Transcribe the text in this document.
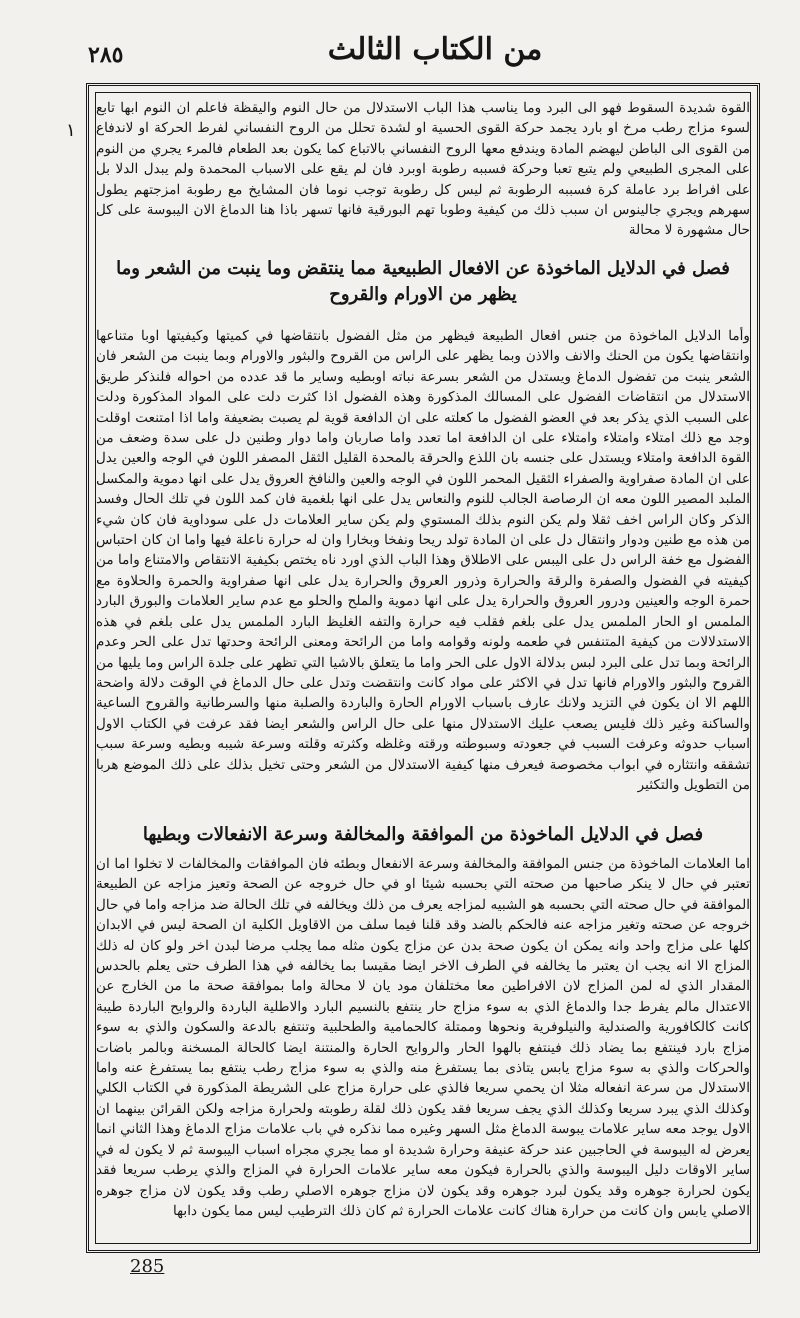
٢٨٥	من الكتاب الثالث
١

القوة شديدة السقوط فهو الى البرد وما يناسب هذا الباب الاستدلال من حال النوم واليقظة فاعلم ان النوم ابها تابع لسوء مزاج رطب مرخ او بارد يجمد حركة القوى الحسية او لشدة تحلل من الروح النفساني لفرط الحركة او لاندفاع من القوى الى الباطن ليهضم المادة ويندفع معها الروح النفساني بالاتباع كما يكون بعد الطعام فالمرء يجري من النوم على المجرى الطبيعي ولم يتبع تعبا وحركة فسببه رطوبة اوبرد فان لم يقع على الاسباب المحمدة ولم يبدل الدلا بل على افراط برد عاملة كرة فسببه الرطوبة ثم ليس كل رطوبة توجب نوما فان المشايخ مع رطوبة امزجتهم يطول سهرهم ويجري جالينوس ان سبب ذلك من كيفية وطوبا تهم البورقية فانها تسهر باذا هنا الدماغ الان اليبوسة على كل حال مشهورة لا محالة

فصل في الدلايل الماخوذة عن الافعال الطبيعية مما ينتقض وما ينبت من الشعر وما يظهر من الاورام والقروح

وأما الدلايل الماخوذة من جنس افعال الطبيعة فيظهر من مثل الفضول بانتقاضها في كميتها وكيفيتها اوبا متناعها وانتقاضها يكون من الحنك والانف والاذن وبما يظهر على الراس من القروح والبثور والاورام وبما ينبت من الشعر فان الشعر ينبت من تفضول الدماغ ويستدل من الشعر بسرعة نباته اوبطيه وساير ما قد عدده من احواله فلنذكر طريق الاستدلال من انتقاضات الفضول على المسالك المذكورة وهذه الفضول اذا كثرت دلت على المواد المذكورة ودلت على السبب الذي يذكر بعد في العضو الفضول ما كعلته على ان الدافعة قوية لم يصبت بضعيفة واما اذا امتنعت اوقلت وجد مع ذلك امتلاء وامتلاء وامتلاء على ان الدافعة اما تعدد واما صاربان واما دوار وطنين دل على سدة وضعف من القوة الدافعة وامتلاء ويستدل على جنسه بان اللذع والحرقة بالمحدة القليل الثقل المصفر اللون في الوجه والعين يدل على ان المادة صفراوية والصفراء الثقيل المحمر اللون في الوجه والعين والنافخ العروق يدل على انها دموية والمكسل الملبد المصير اللون معه ان الرصاصة الجالب للنوم والنعاس يدل على انها بلغمية فان كمد اللون في تلك الحال وفسد الذكر وكان الراس اخف ثقلا ولم يكن النوم بذلك المستوي ولم يكن ساير العلامات دل على سوداوية فان كان شيء من هذه مع طنين ودوار وانتقال دل على ان المادة تولد ريحا ونفخا وبخارا وان له حرارة ناعلة فيها واما ان كان احتباس الفضول مع خفة الراس دل على اليبس على الاطلاق وهذا الباب الذي اورد ناه يختص بكيفية الانتقاص والامتناع واما من كيفيته في الفضول والصفرة والرقة والحرارة وذرور العروق والحرارة يدل على انها صفراوية والحمرة والحلاوة مع حمرة الوجه والعينين ودرور العروق والحرارة يدل على انها دموية والملح والحلو مع عدم ساير العلامات والبورق البارد الملمس او الحار الملمس يدل على بلغم فقلب فيه حرارة والتفه الغليظ البارد الملمس يدل على بلغم في هذه الاستدلالات من كيفية المتنفس في طعمه ولونه وقوامه واما من الرائحة ومعنى الرائحة وحدتها تدل على الحر وعدم الرائحة وبما تدل على البرد لبس بدلالة الاول على الحر واما ما يتعلق بالاشيا التي تظهر على جلدة الراس وما يليها من القروح والبثور والاورام فانها تدل في الاكثر على مواد كانت وانتقضت وتدل على حال الدماغ في الوقت دلالة واضحة اللهم الا ان يكون في التزيد ولانك عارف باسباب الاورام الحارة والباردة والصلبة منها والسرطانية والقروح الساعية والساكنة وغير ذلك فليس يصعب عليك الاستدلال منها على حال الراس والشعر ايضا فقد عرفت في الكتاب الاول اسباب حدوثه وعرفت السبب في جعودته وسبوطته ورقته وغلظه وكثرته وقلته وسرعة شيبه وبطيه وسرعة سبب تشققه وانتثاره في ابواب مخصوصة فيعرف منها كيفية الاستدلال من الشعر وحتى تخيل بذلك على ذلك الموضع هربا من التطويل والتكثير

فصل في الدلايل الماخوذة من الموافقة والمخالفة وسرعة الانفعالات وبطيها

اما العلامات الماخوذة من جنس الموافقة والمخالفة وسرعة الانفعال وبطئه فان الموافقات والمخالفات لا تخلوا اما ان تعتبر في حال لا ينكر صاحبها من صحته التي بحسبه شيئا او في حال خروجه عن الصحة وتعيز مزاجه عن الطبيعة الموافقة في حال صحته التي بحسبه هو الشبيه لمزاجه يعرف من ذلك ويخالفه في تلك الحالة ضد مزاجه واما في حال خروجه عن صحته وتغير مزاجه عنه فالحكم بالضد وقد قلنا فيما سلف من الاقاويل الكلية ان الصحة ليس في الابدان كلها على مزاج واحد وانه يمكن ان يكون صحة بدن عن مزاج يكون مثله مما يجلب مرضا لبدن اخر ولو كان له ذلك المزاج الا انه يجب ان يعتبر ما يخالفه في الطرف الاخر ايضا مقيسا بما يخالفه في هذا الطرف حتى يعلم بالحدس المقدار الذي له لمن المزاج لان الافراطين معا مختلفان مود يان لا محالة واما بموافقة صحة ما من الخارج عن الاعتدال مالم يفرط جدا والدماغ الذي به سوء مزاج حار ينتفع بالنسيم البارد والاطلية الباردة والروايح الباردة طيبة كانت كالكافورية والصندلية والنيلوفرية ونحوها وممتلة كالحمامية والطحلبية وتنتفع بالدعة والسكون والذي به سوء مزاج بارد فينتفع بما يضاد ذلك فينتفع بالهوا الحار والروايح الحارة والمنتنة ايضا كالحالة المسخنة وبالمر باضات والحركات والذي به سوء مزاج يابس يتاذى بما يستفرغ منه والذي به سوء مزاج رطب ينتفع بما يستفرغ عنه واما الاستدلال من سرعة انفعاله مثلا ان يحمي سريعا فالذي على حرارة مزاج على الشريطة المذكورة في الكتاب الكلي وكذلك الذي يبرد سريعا وكذلك الذي يجف سريعا فقد يكون ذلك لقلة رطوبته ولحرارة مزاجه ولكن القرائن بينهما ان الاول يوجد معه ساير علامات يبوسة الدماغ مثل السهر وغيره مما نذكره في باب علامات مزاج الدماغ وهذا الثاني انما يعرض له اليبوسة في الحاجبين عند حركة عنيفة وحرارة شديدة او مما يجري مجراه اسباب اليبوسة ثم لا يكون له في ساير الاوقات دليل اليبوسة والذي بالحرارة فيكون معه ساير علامات الحرارة في المزاج والذي يرطب سريعا فقد يكون لحرارة جوهره وقد يكون لبرد جوهره وقد يكون لان مزاج جوهره الاصلي رطب وقد يكون لان مزاج جوهره الاصلي يابس وان كانت من حرارة هناك كانت علامات الحرارة ثم كان ذلك الترطيب ليس مما يكون دابها

285
